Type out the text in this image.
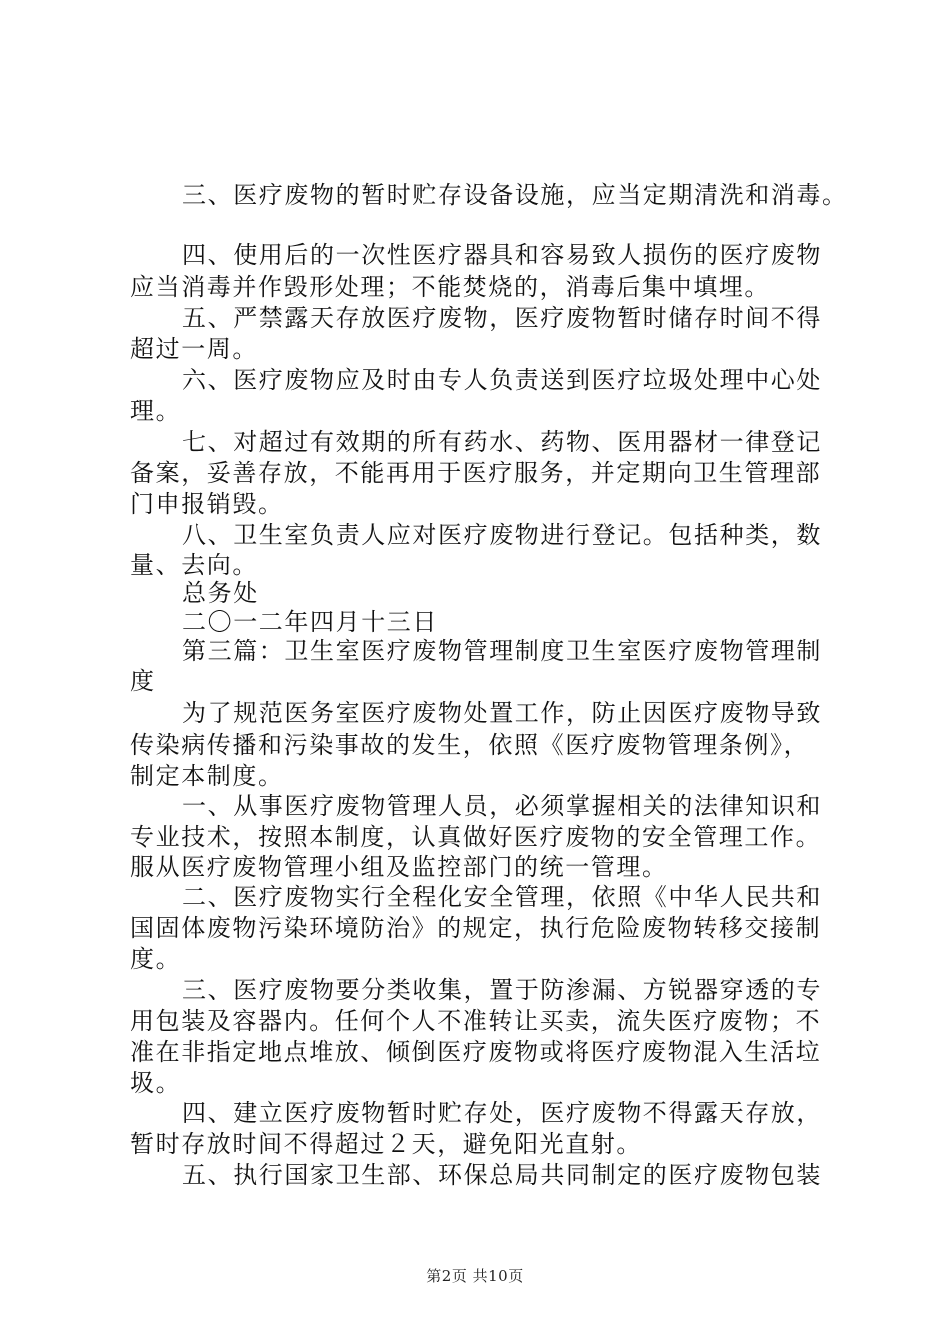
三、医疗废物的暂时贮存设备设施，应当定期清洗和消毒。
四、使用后的一次性医疗器具和容易致人损伤的医疗废物
应当消毒并作毁形处理；不能焚烧的，消毒后集中填埋。
五、严禁露天存放医疗废物，医疗废物暂时储存时间不得
超过一周。
六、医疗废物应及时由专人负责送到医疗垃圾处理中心处
理。
七、对超过有效期的所有药水、药物、医用器材一律登记
备案，妥善存放，不能再用于医疗服务，并定期向卫生管理部
门申报销毁。
八、卫生室负责人应对医疗废物进行登记。包括种类，数
量、去向。
总务处
二〇一二年四月十三日
第三篇：卫生室医疗废物管理制度卫生室医疗废物管理制
度
为了规范医务室医疗废物处置工作，防止因医疗废物导致
传染病传播和污染事故的发生，依照《医疗废物管理条例》，
制定本制度。
一、从事医疗废物管理人员，必须掌握相关的法律知识和
专业技术，按照本制度，认真做好医疗废物的安全管理工作。
服从医疗废物管理小组及监控部门的统一管理。
二、医疗废物实行全程化安全管理，依照《中华人民共和
国固体废物污染环境防治》的规定，执行危险废物转移交接制
度。
三、医疗废物要分类收集，置于防渗漏、方锐器穿透的专
用包装及容器内。任何个人不准转让买卖，流失医疗废物；不
准在非指定地点堆放、倾倒医疗废物或将医疗废物混入生活垃
圾。
四、建立医疗废物暂时贮存处，医疗废物不得露天存放，
暂时存放时间不得超过２天，避免阳光直射。
五、执行国家卫生部、环保总局共同制定的医疗废物包装
第2页 共10页
